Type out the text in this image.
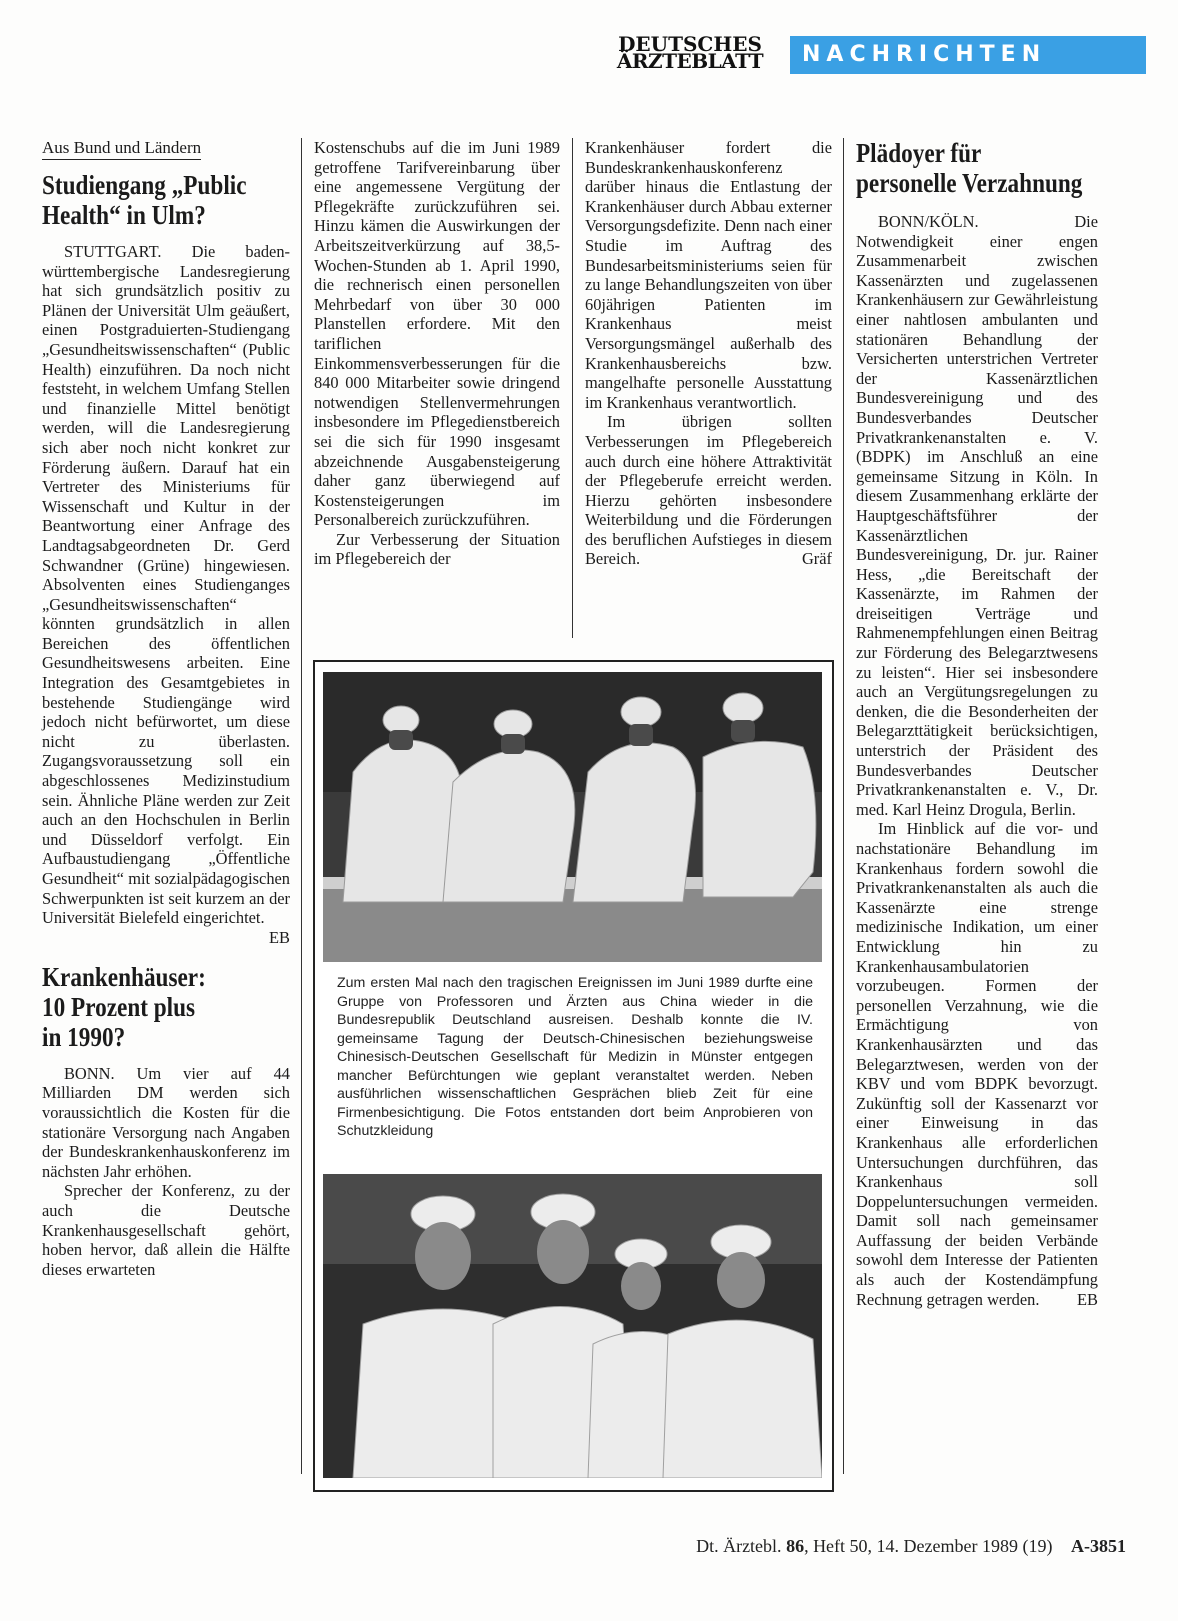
DEUTSCHES
ÄRZTEBLATT	NACHRICHTEN
Aus Bund und Ländern
Studiengang „Public
Health“ in Ulm?

STUTTGART. Die baden-württembergische Landesregierung hat sich grundsätzlich positiv zu Plänen der Universität Ulm geäußert, einen Postgraduierten-Studiengang „Gesundheitswissenschaften“ (Public Health) einzuführen. Da noch nicht feststeht, in welchem Umfang Stellen und finanzielle Mittel benötigt werden, will die Landesregierung sich aber noch nicht konkret zur Förderung äußern. Darauf hat ein Vertreter des Ministeriums für Wissenschaft und Kultur in der Beantwortung einer Anfrage des Landtagsabgeordneten Dr. Gerd Schwandner (Grüne) hingewiesen. Absolventen eines Studienganges „Gesundheitswissenschaften“ könnten grundsätzlich in allen Bereichen des öffentlichen Gesundheitswesens arbeiten. Eine Integration des Gesamtgebietes in bestehende Studiengänge wird jedoch nicht befürwortet, um diese nicht zu überlasten. Zugangsvoraussetzung soll ein abgeschlossenes Medizinstudium sein. Ähnliche Pläne werden zur Zeit auch an den Hochschulen in Berlin und Düsseldorf verfolgt. Ein Aufbaustudiengang „Öffentliche Gesundheit“ mit sozialpädagogischen Schwerpunkten ist seit kurzem an der Universität Bielefeld eingerichtet.
EB

Krankenhäuser:
10 Prozent plus
in 1990?

BONN. Um vier auf 44 Milliarden DM werden sich voraussichtlich die Kosten für die stationäre Versorgung nach Angaben der Bundeskrankenhauskonferenz im nächsten Jahr erhöhen.

Sprecher der Konferenz, zu der auch die Deutsche Krankenhausgesellschaft gehört, hoben hervor, daß allein die Hälfte dieses erwarteten

Kostenschubs auf die im Juni 1989 getroffene Tarifvereinbarung über eine angemessene Vergütung der Pflegekräfte zurückzuführen sei. Hinzu kämen die Auswirkungen der Arbeitszeitverkürzung auf 38,5-Wochen-Stunden ab 1. April 1990, die rechnerisch einen personellen Mehrbedarf von über 30 000 Planstellen erfordere. Mit den tariflichen Einkommensverbesserungen für die 840 000 Mitarbeiter sowie dringend notwendigen Stellenvermehrungen insbesondere im Pflegedienstbereich sei die sich für 1990 insgesamt abzeichnende Ausgabensteigerung daher ganz überwiegend auf Kostensteigerungen im Personalbereich zurückzuführen.

Zur Verbesserung der Situation im Pflegebereich der

Krankenhäuser fordert die Bundeskrankenhauskonferenz darüber hinaus die Entlastung der Krankenhäuser durch Abbau externer Versorgungsdefizite. Denn nach einer Studie im Auftrag des Bundesarbeitsministeriums seien für zu lange Behandlungszeiten von über 60jährigen Patienten im Krankenhaus meist Versorgungsmängel außerhalb des Krankenhausbereichs bzw. mangelhafte personelle Ausstattung im Krankenhaus verantwortlich.

Im übrigen sollten Verbesserungen im Pflegebereich auch durch eine höhere Attraktivität der Pflegeberufe erreicht werden. Hierzu gehörten insbesondere Weiterbildung und die Förderungen des beruflichen Aufstieges in diesem Bereich.	Gräf

Plädoyer für
personelle Verzahnung

BONN/KÖLN. Die Notwendigkeit einer engen Zusammenarbeit zwischen Kassenärzten und zugelassenen Krankenhäusern zur Gewährleistung einer nahtlosen ambulanten und stationären Behandlung der Versicherten unterstrichen Vertreter der Kassenärztlichen Bundesvereinigung und des Bundesverbandes Deutscher Privatkrankenanstalten e. V. (BDPK) im Anschluß an eine gemeinsame Sitzung in Köln. In diesem Zusammenhang erklärte der Hauptgeschäftsführer der Kassenärztlichen Bundesvereinigung, Dr. jur. Rainer Hess, „die Bereitschaft der Kassenärzte, im Rahmen der dreiseitigen Verträge und Rahmenempfehlungen einen Beitrag zur Förderung des Belegarztwesens zu leisten“. Hier sei insbesondere auch an Vergütungsregelungen zu denken, die die Besonderheiten der Belegarzttätigkeit berücksichtigen, unterstrich der Präsident des Bundesverbandes Deutscher Privatkrankenanstalten e. V., Dr. med. Karl Heinz Drogula, Berlin.

Im Hinblick auf die vor- und nachstationäre Behandlung im Krankenhaus fordern sowohl die Privatkrankenanstalten als auch die Kassenärzte eine strenge medizinische Indikation, um einer Entwicklung hin zu Krankenhausambulatorien vorzubeugen. Formen der personellen Verzahnung, wie die Ermächtigung von Krankenhausärzten und das Belegarztwesen, werden von der KBV und vom BDPK bevorzugt. Zukünftig soll der Kassenarzt vor einer Einweisung in das Krankenhaus alle erforderlichen Untersuchungen durchführen, das Krankenhaus soll Doppeluntersuchungen vermeiden. Damit soll nach gemeinsamer Auffassung der beiden Verbände sowohl dem Interesse der Patienten als auch der Kostendämpfung Rechnung getragen werden.	EB

Zum ersten Mal nach den tragischen Ereignissen im Juni 1989 durfte eine Gruppe von Professoren und Ärzten aus China wieder in die Bundesrepublik Deutschland ausreisen. Deshalb konnte die IV. gemeinsame Tagung der Deutsch-Chinesischen beziehungsweise Chinesisch-Deutschen Gesellschaft für Medizin in Münster entgegen mancher Befürchtungen wie geplant veranstaltet werden. Neben ausführlichen wissenschaftlichen Gesprächen blieb Zeit für eine Firmenbesichtigung. Die Fotos entstanden dort beim Anprobieren von Schutzkleidung
Dt. Ärztebl. 86, Heft 50, 14. Dezember 1989 (19) A-3851
